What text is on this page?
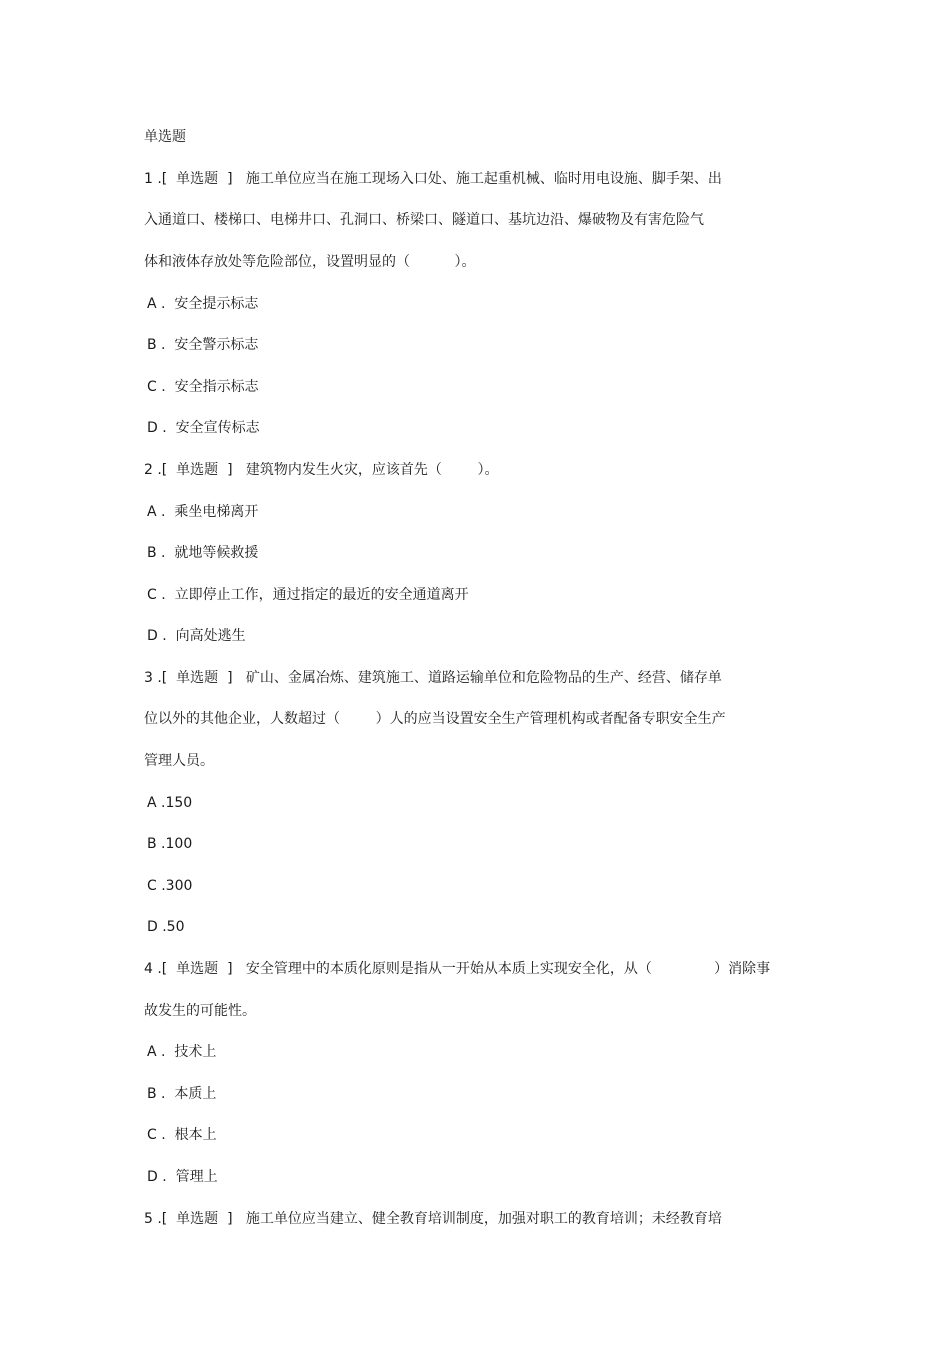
单选题
1 .[  单选题  ]   施工单位应当在施工现场入口处、施工起重机械、临时用电设施、脚手架、出
入通道口、楼梯口、电梯井口、孔洞口、桥梁口、隧道口、基坑边沿、爆破物及有害危险气
体和液体存放处等危险部位，设置明显的（          ）。
A .  安全提示标志
B .  安全警示标志
C .  安全指示标志
D .  安全宣传标志
2 .[  单选题  ]   建筑物内发生火灾，应该首先（        ）。
A .  乘坐电梯离开
B .  就地等候救援
C .  立即停止工作，通过指定的最近的安全通道离开
D .  向高处逃生
3 .[  单选题  ]   矿山、金属冶炼、建筑施工、道路运输单位和危险物品的生产、经营、储存单
位以外的其他企业，人数超过（        ）人的应当设置安全生产管理机构或者配备专职安全生产
管理人员。
A .150
B .100
C .300
D .50
4 .[  单选题  ]   安全管理中的本质化原则是指从一开始从本质上实现安全化，从（              ）消除事
故发生的可能性。
A .  技术上
B .  本质上
C .  根本上
D .  管理上
5 .[  单选题  ]   施工单位应当建立、健全教育培训制度，加强对职工的教育培训；未经教育培
